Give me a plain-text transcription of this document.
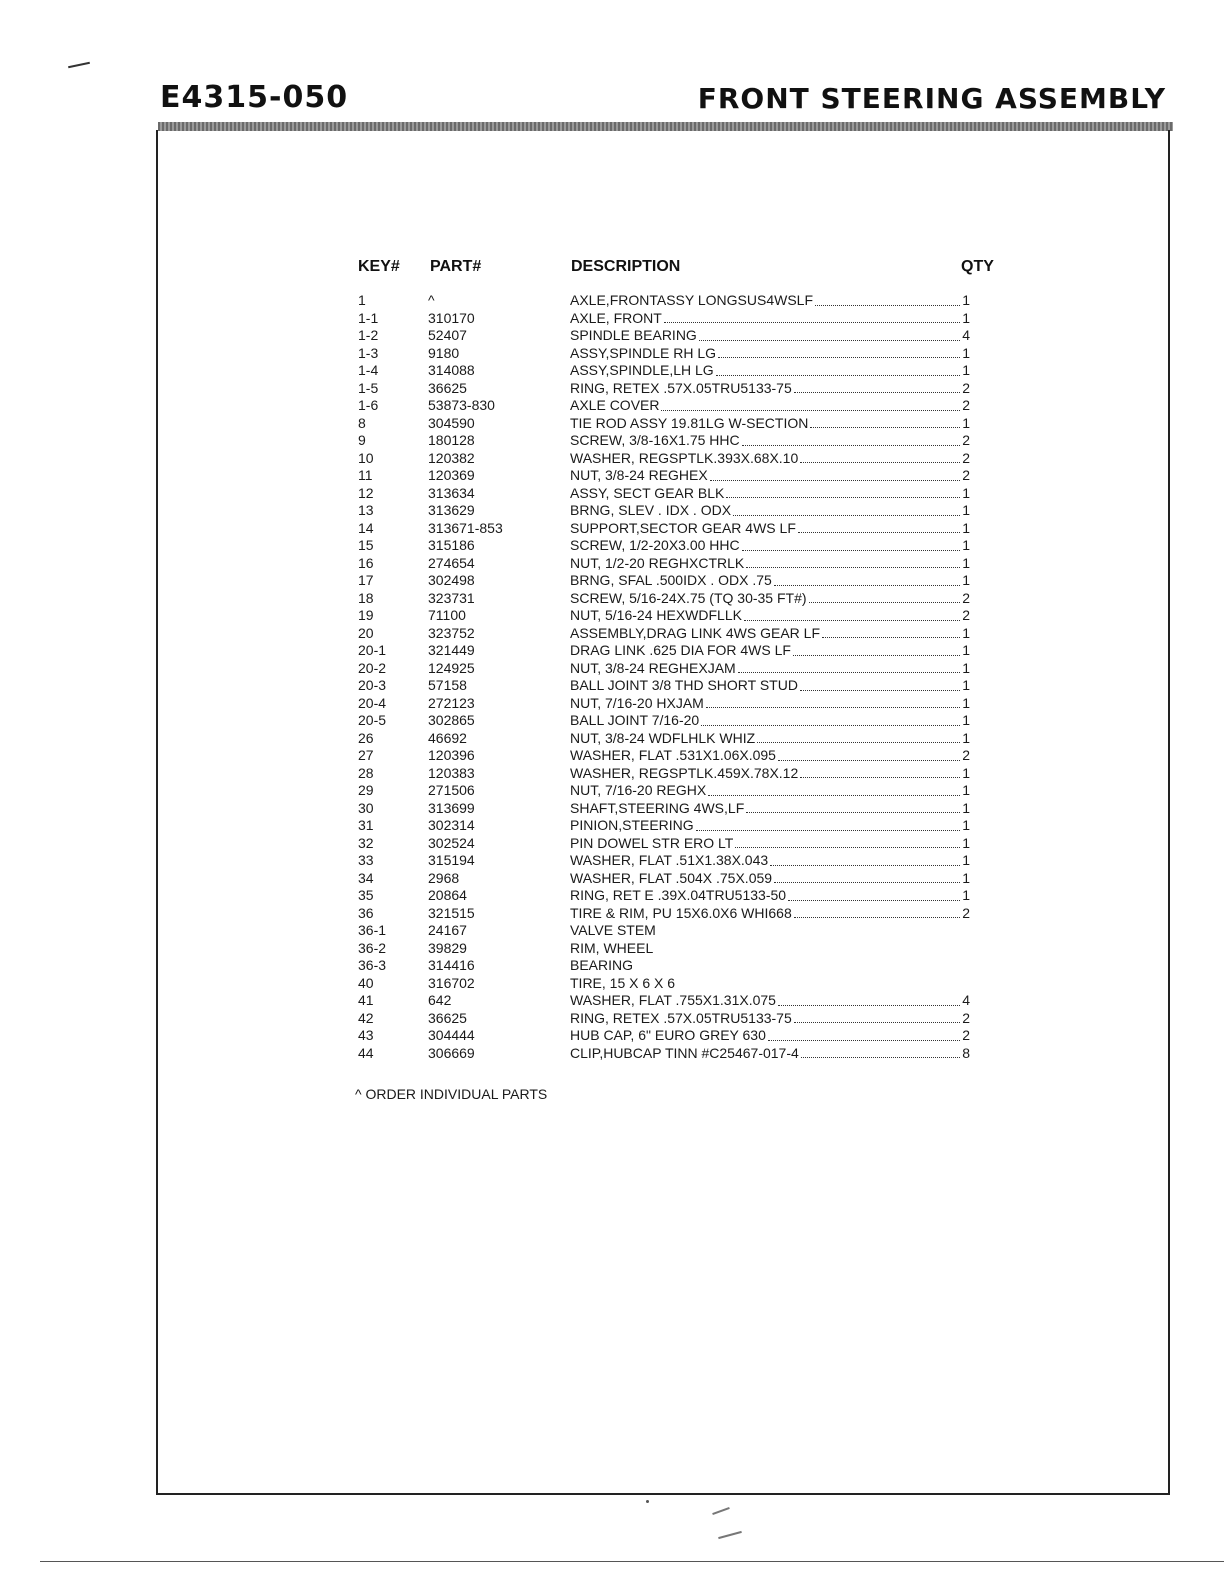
E4315-050	FRONT STEERING ASSEMBLY
KEY# PART#	DESCRIPTION	QTY
1	^	AXLE,FRONTASSY LONGSUS4WSLF	1
1-1	310170	AXLE, FRONT	1
1-2	52407	SPINDLE BEARING	4
1-3	9180	ASSY,SPINDLE RH LG	1
1-4	314088	ASSY,SPINDLE,LH LG	1
1-5	36625	RING, RETEX .57X.05TRU5133-75	2
1-6	53873-830	AXLE COVER	2
8	304590	TIE ROD ASSY 19.81LG W-SECTION	1
9	180128	SCREW, 3/8-16X1.75 HHC	2
10	120382	WASHER, REGSPTLK.393X.68X.10	2
11	120369	NUT, 3/8-24 REGHEX	2
12	313634	ASSY, SECT GEAR BLK	1
13	313629	BRNG, SLEV . IDX . ODX	1
14	313671-853	SUPPORT,SECTOR GEAR 4WS LF	1
15	315186	SCREW, 1/2-20X3.00 HHC	1
16	274654	NUT, 1/2-20 REGHXCTRLK	1
17	302498	BRNG, SFAL .500IDX . ODX .75	1
18	323731	SCREW, 5/16-24X.75 (TQ 30-35 FT#)	2
19	71100	NUT, 5/16-24 HEXWDFLLK	2
20	323752	ASSEMBLY,DRAG LINK 4WS GEAR LF	1
20-1	321449	DRAG LINK .625 DIA FOR 4WS LF	1
20-2	124925	NUT, 3/8-24 REGHEXJAM	1
20-3	57158	BALL JOINT 3/8 THD SHORT STUD	1
20-4	272123	NUT, 7/16-20 HXJAM	1
20-5	302865	BALL JOINT 7/16-20	1
26	46692	NUT, 3/8-24 WDFLHLK WHIZ	1
27	120396	WASHER, FLAT .531X1.06X.095	2
28	120383	WASHER, REGSPTLK.459X.78X.12	1
29	271506	NUT, 7/16-20 REGHX	1
30	313699	SHAFT,STEERING 4WS,LF	1
31	302314	PINION,STEERING	1
32	302524	PIN DOWEL STR ERO LT	1
33	315194	WASHER, FLAT .51X1.38X.043	1
34	2968	WASHER, FLAT .504X .75X.059	1
35	20864	RING, RET E .39X.04TRU5133-50	1
36	321515	TIRE & RIM, PU 15X6.0X6 WHI668	2
36-1	24167	VALVE STEM
36-2	39829	RIM, WHEEL
36-3	314416	BEARING
40	316702	TIRE, 15 X 6 X 6
41	642	WASHER, FLAT .755X1.31X.075	4
42	36625	RING, RETEX .57X.05TRU5133-75	2
43	304444	HUB CAP, 6" EURO GREY 630	2
44	306669	CLIP,HUBCAP TINN #C25467-017-4	8
^ ORDER INDIVIDUAL PARTS
